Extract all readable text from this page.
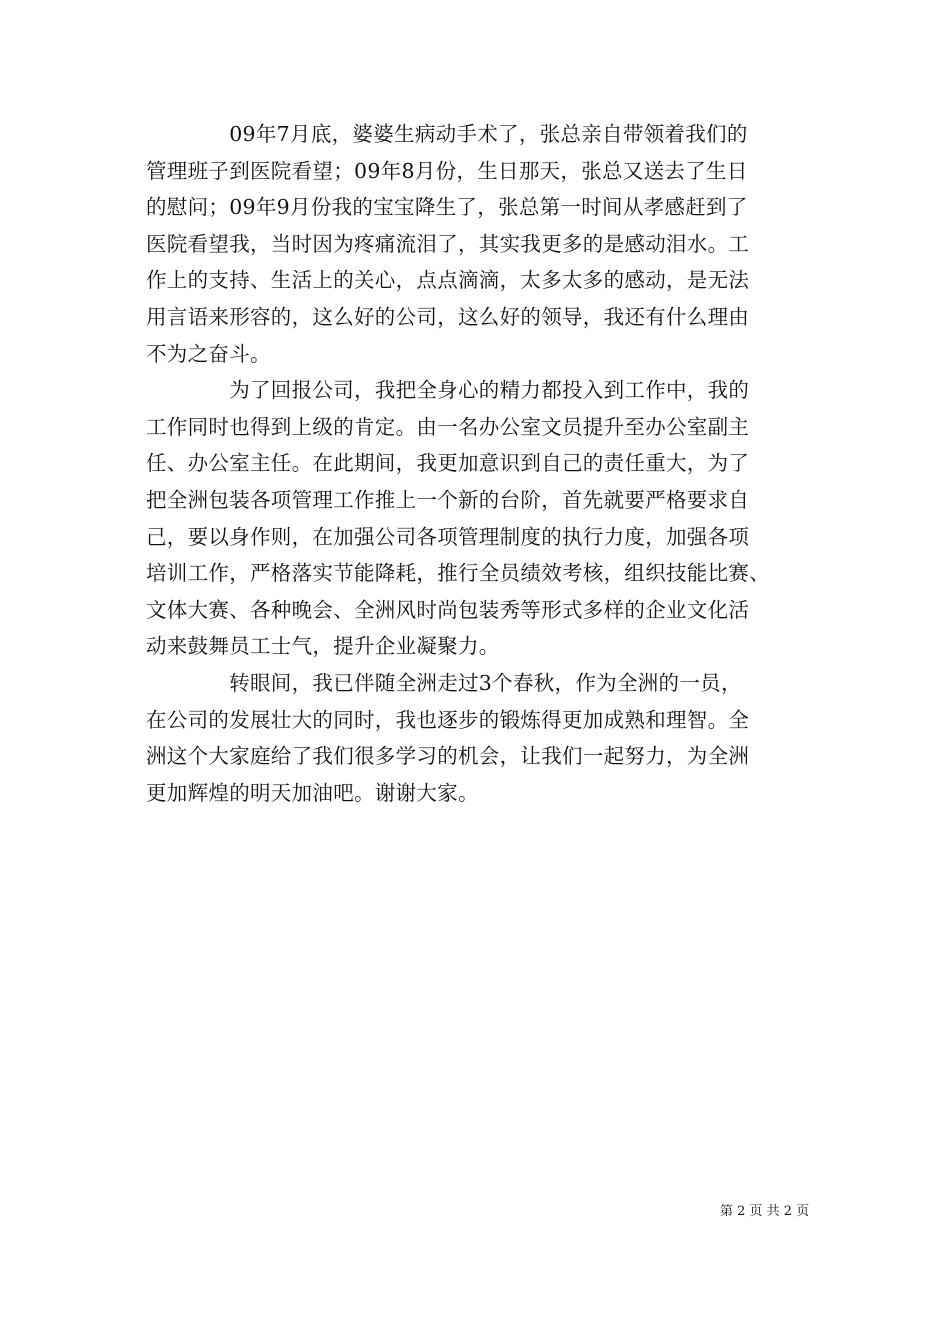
　　　　09年7月底，婆婆生病动手术了，张总亲自带领着我们的
管理班子到医院看望；09年8月份，生日那天，张总又送去了生日
的慰问；09年9月份我的宝宝降生了，张总第一时间从孝感赶到了
医院看望我，当时因为疼痛流泪了，其实我更多的是感动泪水。工
作上的支持、生活上的关心，点点滴滴，太多太多的感动，是无法
用言语来形容的，这么好的公司，这么好的领导，我还有什么理由
不为之奋斗。
　　　　为了回报公司，我把全身心的精力都投入到工作中，我的
工作同时也得到上级的肯定。由一名办公室文员提升至办公室副主
任、办公室主任。在此期间，我更加意识到自己的责任重大，为了
把全洲包装各项管理工作推上一个新的台阶，首先就要严格要求自
己，要以身作则，在加强公司各项管理制度的执行力度，加强各项
培训工作，严格落实节能降耗，推行全员绩效考核，组织技能比赛、
文体大赛、各种晚会、全洲风时尚包装秀等形式多样的企业文化活
动来鼓舞员工士气，提升企业凝聚力。
　　　　转眼间，我已伴随全洲走过3个春秋，作为全洲的一员，
在公司的发展壮大的同时，我也逐步的锻炼得更加成熟和理智。全
洲这个大家庭给了我们很多学习的机会，让我们一起努力，为全洲
更加辉煌的明天加油吧。谢谢大家。
第 2 页 共 2 页
